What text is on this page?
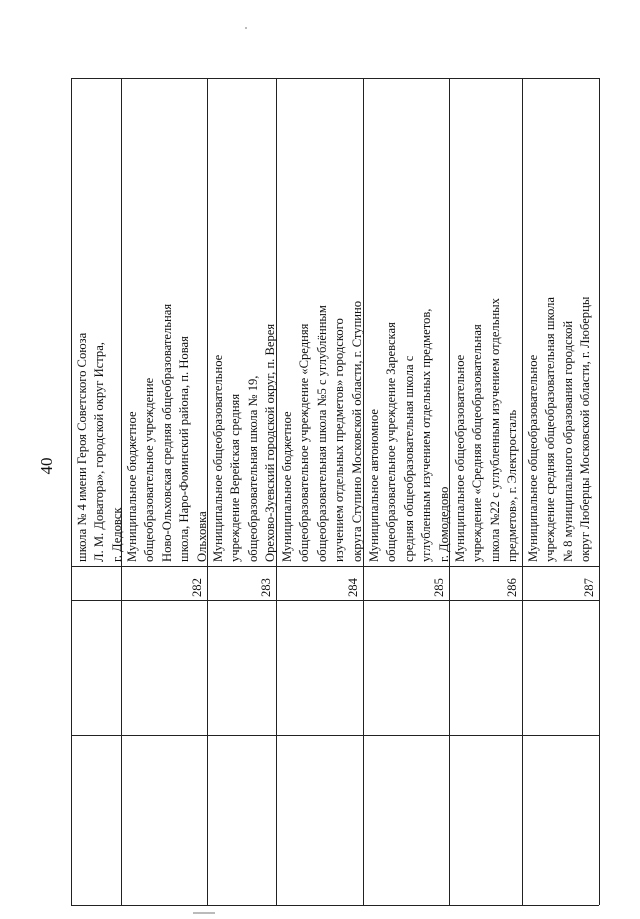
40
школа № 4 имени Героя Советского Союза
Л. М. Доватора», городской округ Истра,
г. Дедовск
282
Муниципальное бюджетное
общеобразовательное учреждение
Ново-Ольховская средняя общеобразовательная
школа, Наро-Фоминский района, п. Новая
Ольховка
283
Муниципальное общеобразовательное
учреждение Верейская средняя
общеобразовательная школа № 19,
Орехово-Зуевский городской округ, п. Верея
284
Муниципальное бюджетное
общеобразовательное учреждение «Средняя
общеобразовательная школа №5 с углублённым
изучением отдельных предметов» городского
округа Ступино Московской области, г. Ступино
285
Муниципальное автономное
общеобразовательное учреждение Заревская
средняя общеобразовательная школа с
углубленным изучением отдельных предметов,
г. Домодедово
286
Муниципальное общеобразовательное
учреждение «Средняя общеобразовательная
школа №22 с углубленным изучением отдельных
предметов», г. Электросталь
287
Муниципальное общеобразовательное
учреждение средняя общеобразовательная школа
№ 8 муниципального образования городской
округ Люберцы Московской области, г. Люберцы
